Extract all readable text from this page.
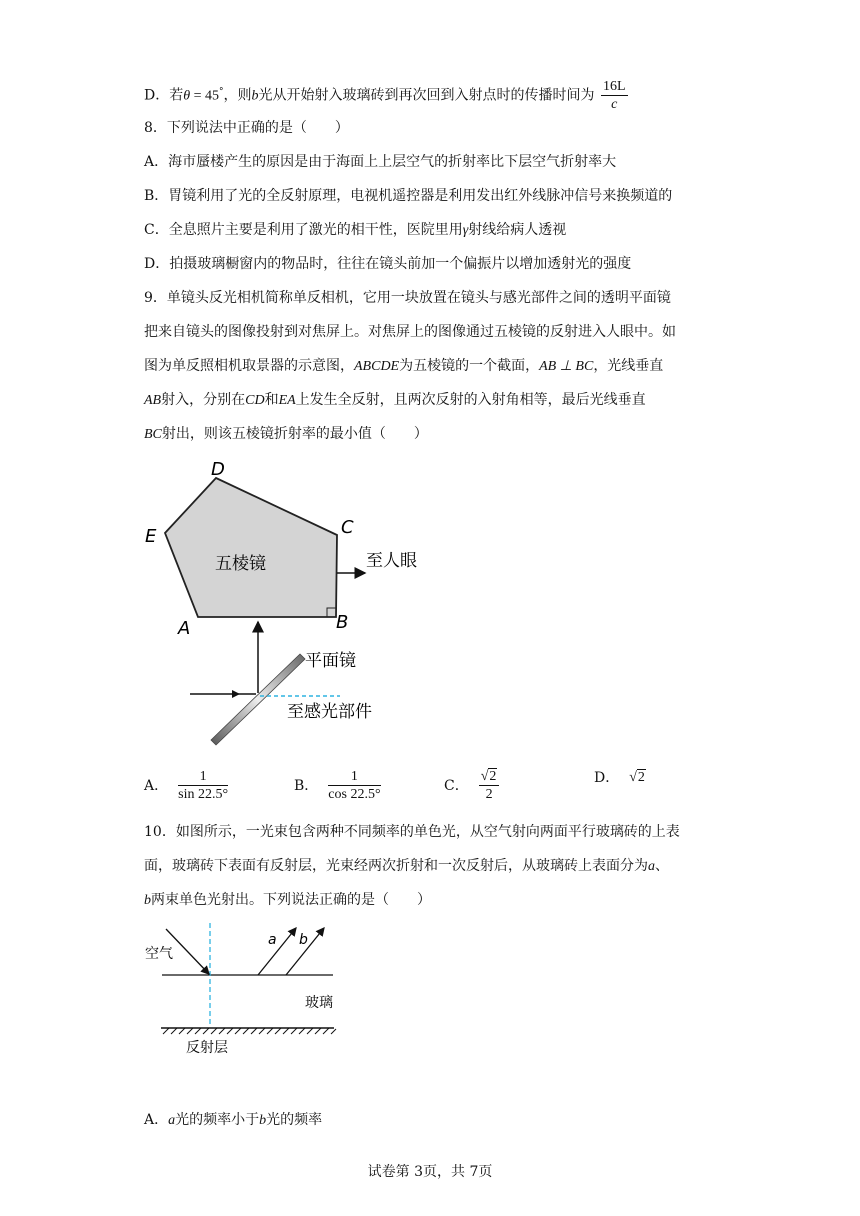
D．若θ = 45°，则b光从开始射入玻璃砖到再次回到入射点时的传播时间为 $\frac{16L}{c}$
8．下列说法中正确的是（　　）
A．海市蜃楼产生的原因是由于海面上上层空气的折射率比下层空气折射率大
B．胃镜利用了光的全反射原理，电视机遥控器是利用发出红外线脉冲信号来换频道的
C．全息照片主要是利用了激光的相干性，医院里用γ射线给病人透视
D．拍摄玻璃橱窗内的物品时，往往在镜头前加一个偏振片以增加透射光的强度
9．单镜头反光相机简称单反相机，它用一块放置在镜头与感光部件之间的透明平面镜
把来自镜头的图像投射到对焦屏上。对焦屏上的图像通过五棱镜的反射进入人眼中。如
图为单反照相机取景器的示意图，ABCDE为五棱镜的一个截面，AB ⊥ BC，光线垂直
AB射入，分别在CD和EA上发生全反射，且两次反射的入射角相等，最后光线垂直
BC射出，则该五棱镜折射率的最小值（　　）
D
C
E
A	B
五棱镜	至人眼
平面镜
至感光部件
A． $\frac{1}{\sin 22.5^\circ}$	B． $\frac{1}{\cos 22.5^\circ}$	C． $\frac{√2}{2}$	D． √2
10．如图所示，一光束包含两种不同频率的单色光，从空气射向两面平行玻璃砖的上表
面，玻璃砖下表面有反射层，光束经两次折射和一次反射后，从玻璃砖上表面分为a、
b两束单色光射出。下列说法正确的是（　　）
a b
空气
玻璃
反射层
A．a光的频率小于b光的频率
试卷第 3页，共 7页
